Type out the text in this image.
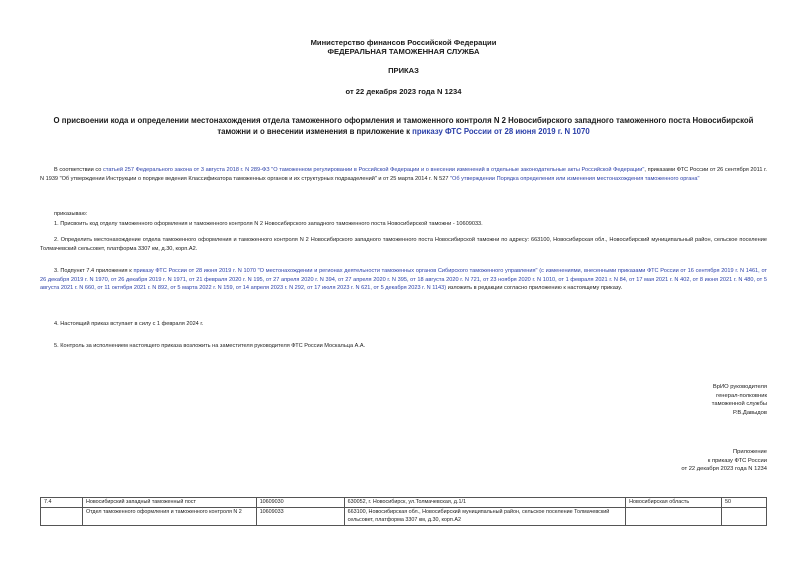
Министерство финансов Российской Федерации
ФЕДЕРАЛЬНАЯ ТАМОЖЕННАЯ СЛУЖБА
ПРИКАЗ
от 22 декабря 2023 года N 1234
О присвоении кода и определении местонахождения отдела таможенного оформления и таможенного контроля N 2 Новосибирского западного таможенного поста Новосибирской таможни и о внесении изменения в приложение к приказу ФТС России от 28 июня 2019 г. N 1070
В соответствии со статьей 257 Федерального закона от 3 августа 2018 г. N 289-ФЗ "О таможенном регулировании в Российской Федерации и о внесении изменений в отдельные законодательные акты Российской Федерации", приказами ФТС России от 26 сентября 2011 г. N 1939 "Об утверждении Инструкции о порядке ведения Классификатора таможенных органов и их структурных подразделений" и от 25 марта 2014 г. N 527 "Об утверждении Порядка определения или изменения местонахождения таможенного органа"
приказываю:
1. Присвоить код отделу таможенного оформления и таможенного контроля N 2 Новосибирского западного таможенного поста Новосибирской таможни - 10609033.
2. Определить местонахождение отдела таможенного оформления и таможенного контроля N 2 Новосибирского западного таможенного поста Новосибирской таможни по адресу: 663100, Новосибирская обл., Новосибирский муниципальный район, сельское поселение Толмачевский сельсовет, платформа 3307 км, д.30, корп.А2.
3. Подпункт 7.4 приложения к приказу ФТС России от 28 июня 2019 г. N 1070 "О местонахождении и регионах деятельности таможенных органов Сибирского таможенного управления" (с изменениями, внесенными приказами ФТС России от 16 сентября 2019 г. N 1461, от 26 декабря 2019 г. N 1970, от 26 декабря 2019 г. N 1971, от 21 февраля 2020 г. N 195, от 27 апреля 2020 г. N 394, от 27 апреля 2020 г. N 395, от 18 августа 2020 г. N 721, от 23 ноября 2020 г. N 1010, от 1 февраля 2021 г. N 84, от 17 мая 2021 г. N 402, от 8 июня 2021 г. N 480, от 5 августа 2021 г. N 660, от 11 октября 2021 г. N 892, от 5 марта 2022 г. N 159, от 14 апреля 2023 г. N 292, от 17 июля 2023 г. N 621, от 5 декабря 2023 г. N 1143) изложить в редакции согласно приложению к настоящему приказу.
4. Настоящий приказ вступает в силу с 1 февраля 2024 г.
5. Контроль за исполнением настоящего приказа возложить на заместителя руководителя ФТС России Москальца А.А.
ВрИО руководителя
генерал-полковник
таможенной службы
Р.В.Давыдов
Приложение
к приказу ФТС России
от 22 декабря 2023 года N 1234
7.4	Новосибирский западный таможенный пост	10609030	630052, г. Новосибирск, ул.Толмачевская, д.1/1	Новосибирская область	50
	Отдел таможенного оформления и таможенного контроля N 2	10609033	663100, Новосибирская обл., Новосибирский муниципальный район, сельское поселение Толмачевский сельсовет, платформа 3307 км, д.30, корп.А2		
